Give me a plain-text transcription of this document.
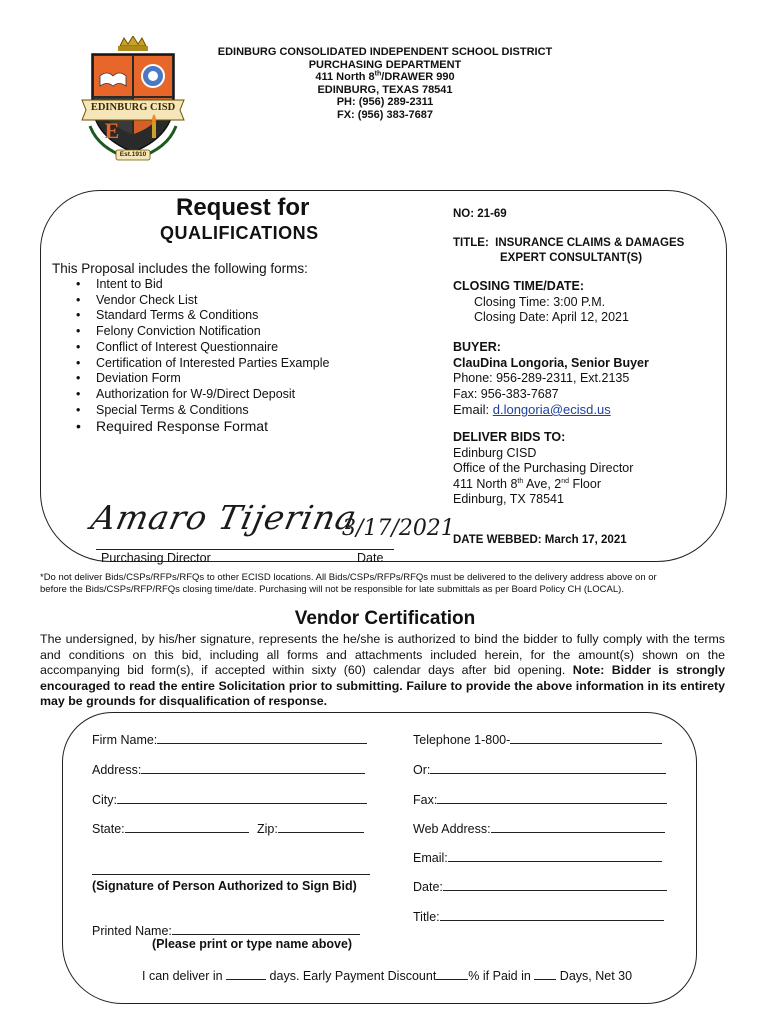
EDINBURG CISD
E
Est.1910
EDINBURG CONSOLIDATED INDEPENDENT SCHOOL DISTRICT
PURCHASING DEPARTMENT
411 North 8th/DRAWER 990
EDINBURG, TEXAS 78541
PH: (956) 289-2311
FX: (956) 383-7687
Request for
QUALIFICATIONS
This Proposal includes the following forms:
• Intent to Bid
• Vendor Check List
• Standard Terms & Conditions
• Felony Conviction Notification
• Conflict of Interest Questionnaire
• Certification of Interested Parties Example
• Deviation Form
• Authorization for W-9/Direct Deposit
• Special Terms & Conditions
• Required Response Format
NO: 21-69
TITLE: INSURANCE CLAIMS & DAMAGES
EXPERT CONSULTANT(S)
CLOSING TIME/DATE:
Closing Time: 3:00 P.M.
Closing Date: April 12, 2021
BUYER:
ClauDina Longoria, Senior Buyer
Phone: 956-289-2311, Ext.2135
Fax: 956-383-7687
Email: d.longoria@ecisd.us
DELIVER BIDS TO:
Edinburg CISD
Office of the Purchasing Director
411 North 8th Ave, 2nd Floor
Edinburg, TX 78541
Amaro Tijerina
3/17/2021
Purchasing Director	Date
DATE WEBBED: March 17, 2021
*Do not deliver Bids/CSPs/RFPs/RFQs to other ECISD locations. All Bids/CSPs/RFPs/RFQs must be delivered to the delivery address above on or
before the Bids/CSPs/RFP/RFQs closing time/date. Purchasing will not be responsible for late submittals as per Board Policy CH (LOCAL).
Vendor Certification
The undersigned, by his/her signature, represents the he/she is authorized to bind the bidder to fully comply with the terms and conditions on this bid, including all forms and attachments included herein, for the amount(s) shown on the accompanying bid form(s), if accepted within sixty (60) calendar days after bid opening. Note: Bidder is strongly encouraged to read the entire Solicitation prior to submitting. Failure to provide the above information in its entirety may be grounds for disqualification of response.
Firm Name:	Telephone 1-800-
Address:	Or:
City:	Fax:
State:	Zip:	Web Address:
Email:
(Signature of Person Authorized to Sign Bid)	Date:
Title:
Printed Name:
(Please print or type name above)
I can deliver in	days. Early Payment Discount	% if Paid in  Days, Net 30
